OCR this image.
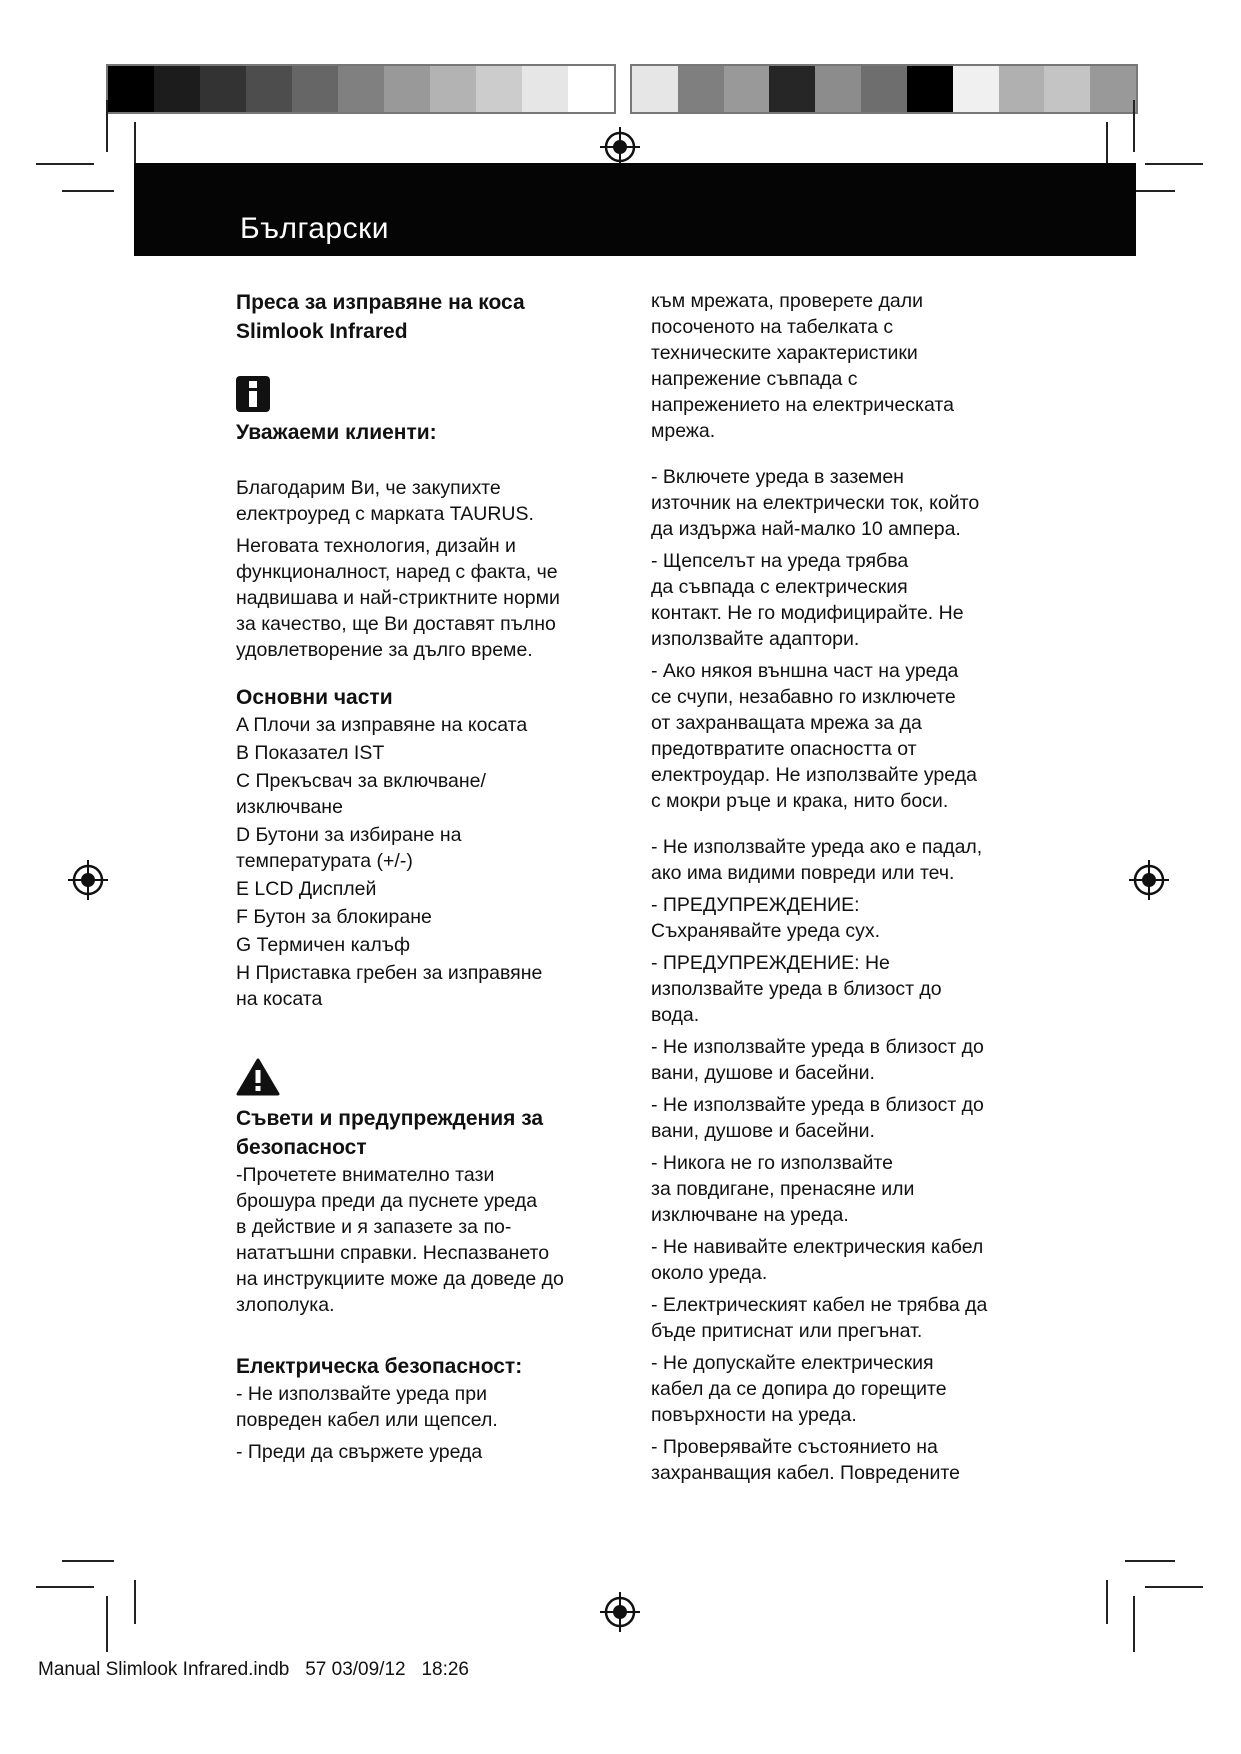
Български
Преса за изправяне на коса
Slimlook Infrared
Уважаеми клиенти:

Благодарим Ви, че закупихте
електроуред с марката TAURUS.

Неговата технология, дизайн и
функционалност, наред с факта, че
надвишава и най-стриктните норми
за качество, ще Ви доставят пълно
удовлетворение за дълго време.

Основни части

A Плочи за изправяне на косата

B Показател IST

C Прекъсвач за включване/
изключване

D Бутони за избиране на
температурата (+/-)

E LCD Дисплей

F Бутон за блокиране

G Термичен калъф

H Приставка гребен за изправяне
на косата

Съвети и предупреждения за
безопасност

-Прочетете внимателно тази
брошура преди да пуснете уреда
в действие и я запазете за по-
нататъшни справки. Неспазването
на инструкциите може да доведе до
злополука.

Електрическа безопасност:

- Не използвайте уреда при
повреден кабел или щепсел.

- Преди да свържете уреда

към мрежата, проверете дали
посоченото на табелката с
техническите характеристики
напрежение съвпада с
напрежението на електрическата
мрежа.

- Включете уреда в заземен
източник на електрически ток, който
да издържа най-малко 10 ампера.

- Щепселът на уреда трябва
да съвпада с електрическия
контакт. Не го модифицирайте. Не
използвайте адаптори.

- Ако някоя външна част на уреда
се счупи, незабавно го изключете
от захранващата мрежа за да
предотвратите опасността от
електроудар. Не използвайте уреда
с мокри ръце и крака, нито боси.

- Не използвайте уреда ако е падал,
ако има видими повреди или теч.

- ПРЕДУПРЕЖДЕНИЕ:
Съхранявайте уреда сух.

- ПРЕДУПРЕЖДЕНИЕ: Не
използвайте уреда в близост до
вода.

- Не използвайте уреда в близост до
вани, душове и басейни.

- Не използвайте уреда в близост до
вани, душове и басейни.

- Никога не го използвайте
за повдигане, пренасяне или
изключване на уреда.

- Не навивайте електрическия кабел
около уреда.

- Електрическият кабел не трябва да
бъде притиснат или прегънат.

- Не допускайте електрическия
кабел да се допира до горещите
повърхности на уреда.

- Проверявайте състоянието на
захранващия кабел. Повредените

Manual Slimlook Infrared.indb 57 03/09/12 18:26
